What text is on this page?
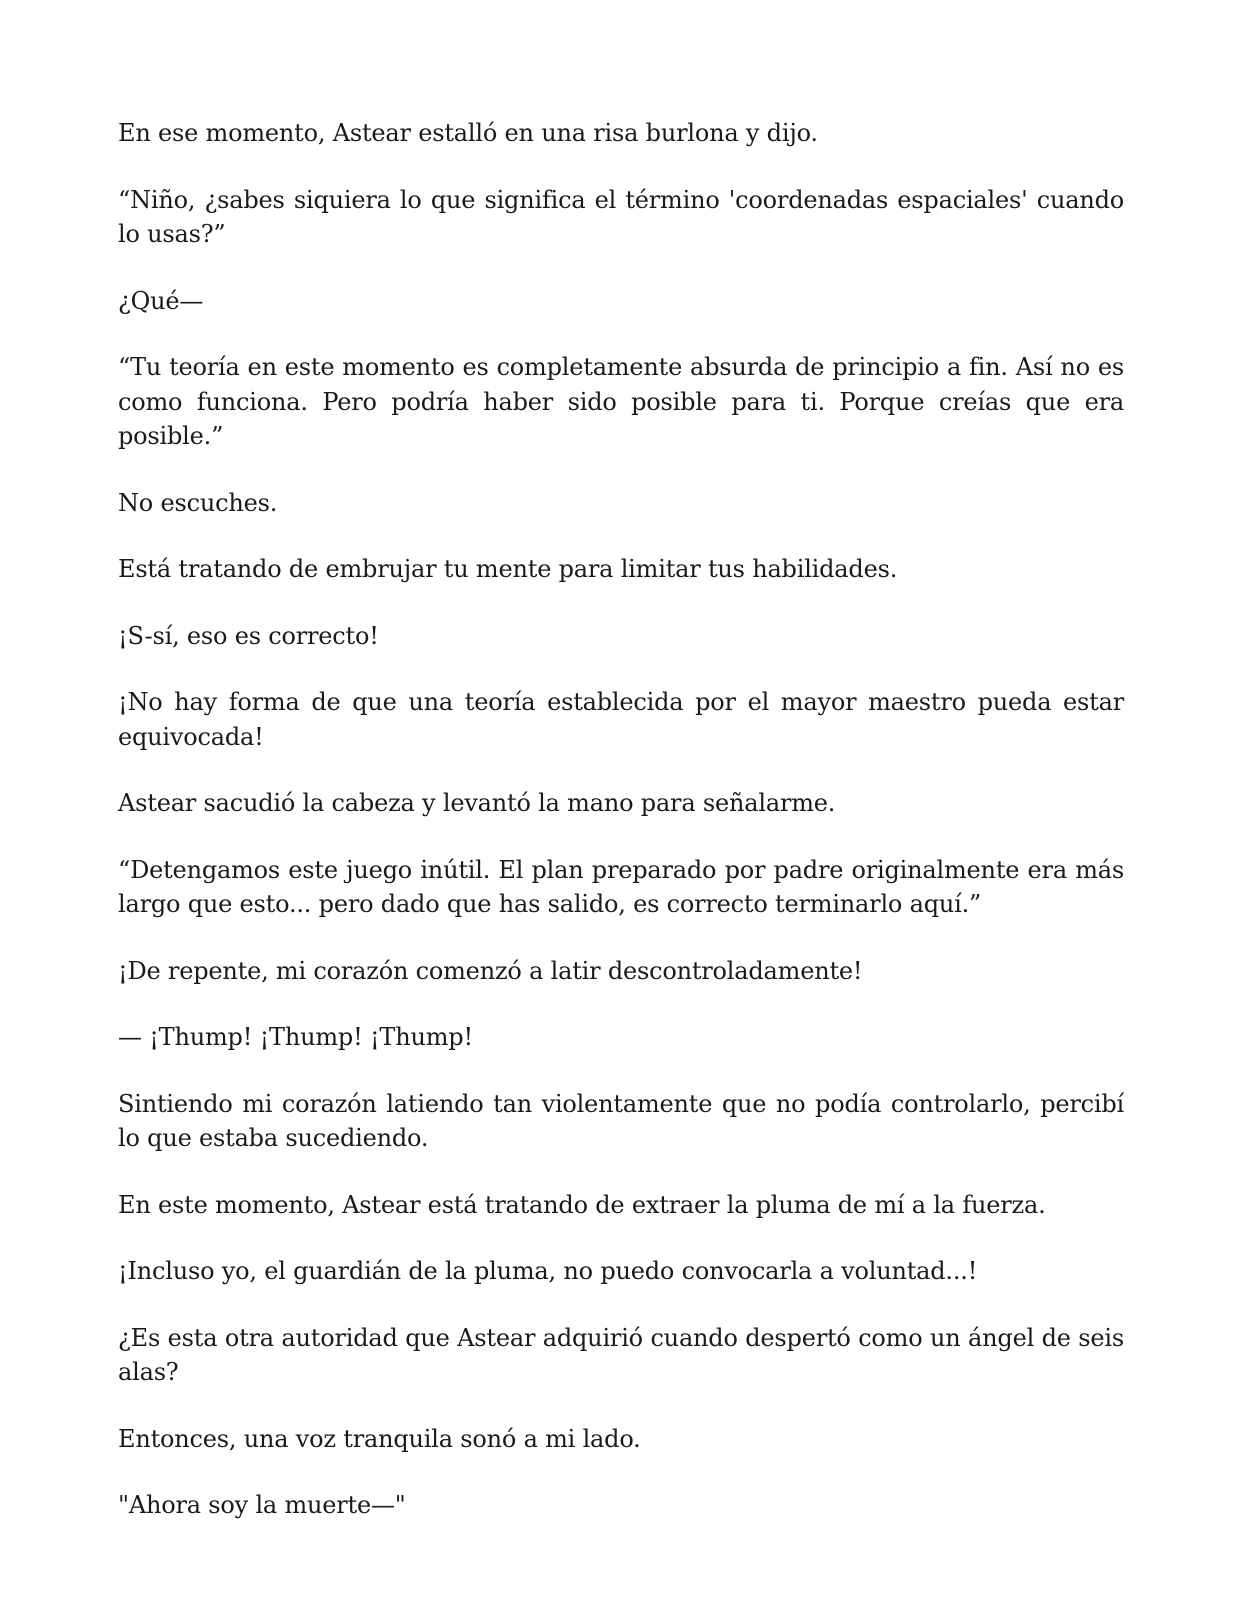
En ese momento, Astear estalló en una risa burlona y dijo.

“Niño, ¿sabes siquiera lo que significa el término 'coordenadas espaciales' cuando lo usas?”

¿Qué—

“Tu teoría en este momento es completamente absurda de principio a fin. Así no es como funciona. Pero podría haber sido posible para ti. Porque creías que era posible.”

No escuches.

Está tratando de embrujar tu mente para limitar tus habilidades.

¡S-sí, eso es correcto!

¡No hay forma de que una teoría establecida por el mayor maestro pueda estar equivocada!

Astear sacudió la cabeza y levantó la mano para señalarme.

“Detengamos este juego inútil. El plan preparado por padre originalmente era más largo que esto... pero dado que has salido, es correcto terminarlo aquí.”

¡De repente, mi corazón comenzó a latir descontroladamente!

— ¡Thump! ¡Thump! ¡Thump!

Sintiendo mi corazón latiendo tan violentamente que no podía controlarlo, percibí lo que estaba sucediendo.

En este momento, Astear está tratando de extraer la pluma de mí a la fuerza.

¡Incluso yo, el guardián de la pluma, no puedo convocarla a voluntad...!

¿Es esta otra autoridad que Astear adquirió cuando despertó como un ángel de seis alas?

Entonces, una voz tranquila sonó a mi lado.

"Ahora soy la muerte—"
